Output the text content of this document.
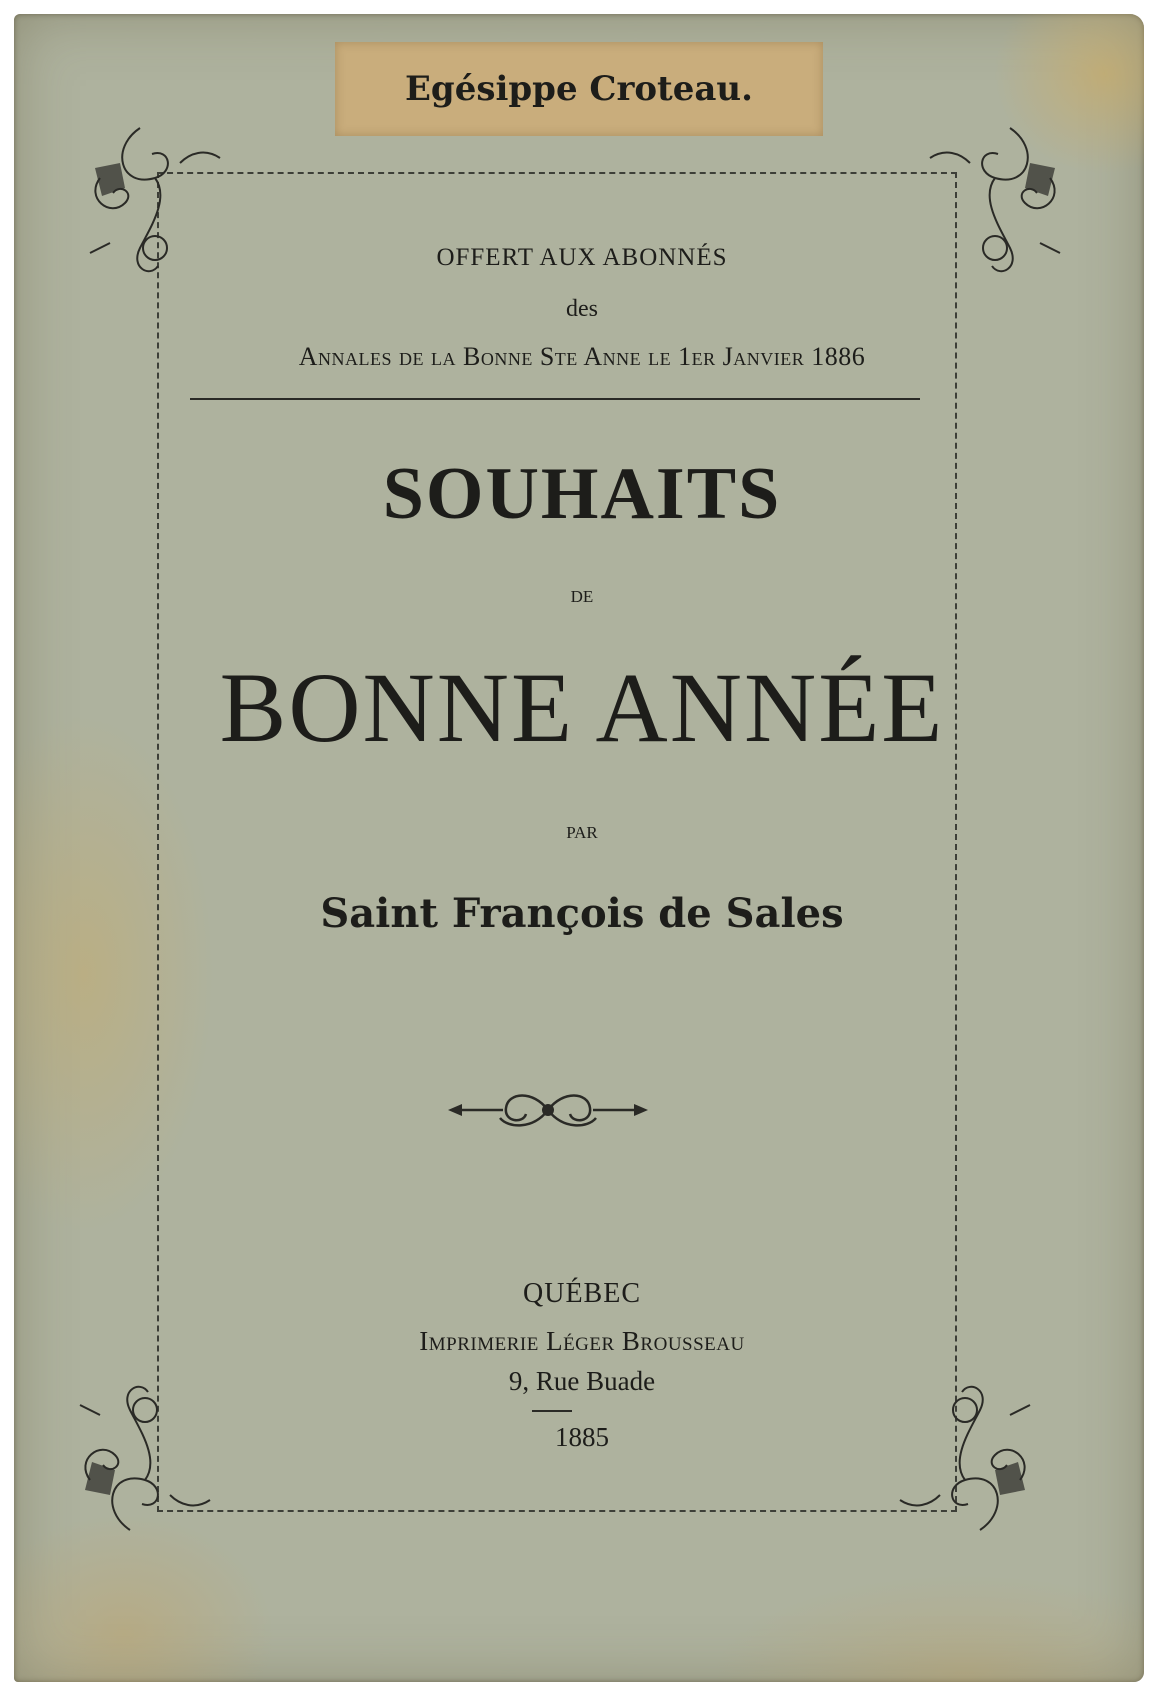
Egésippe Croteau.
OFFERT AUX ABONNÉS
des
Annales de la Bonne Ste Anne le 1er Janvier 1886
SOUHAITS
de
BONNE ANNÉE
par
Saint François de Sales
QUÉBEC
Imprimerie Léger Brousseau
9, Rue Buade
1885
